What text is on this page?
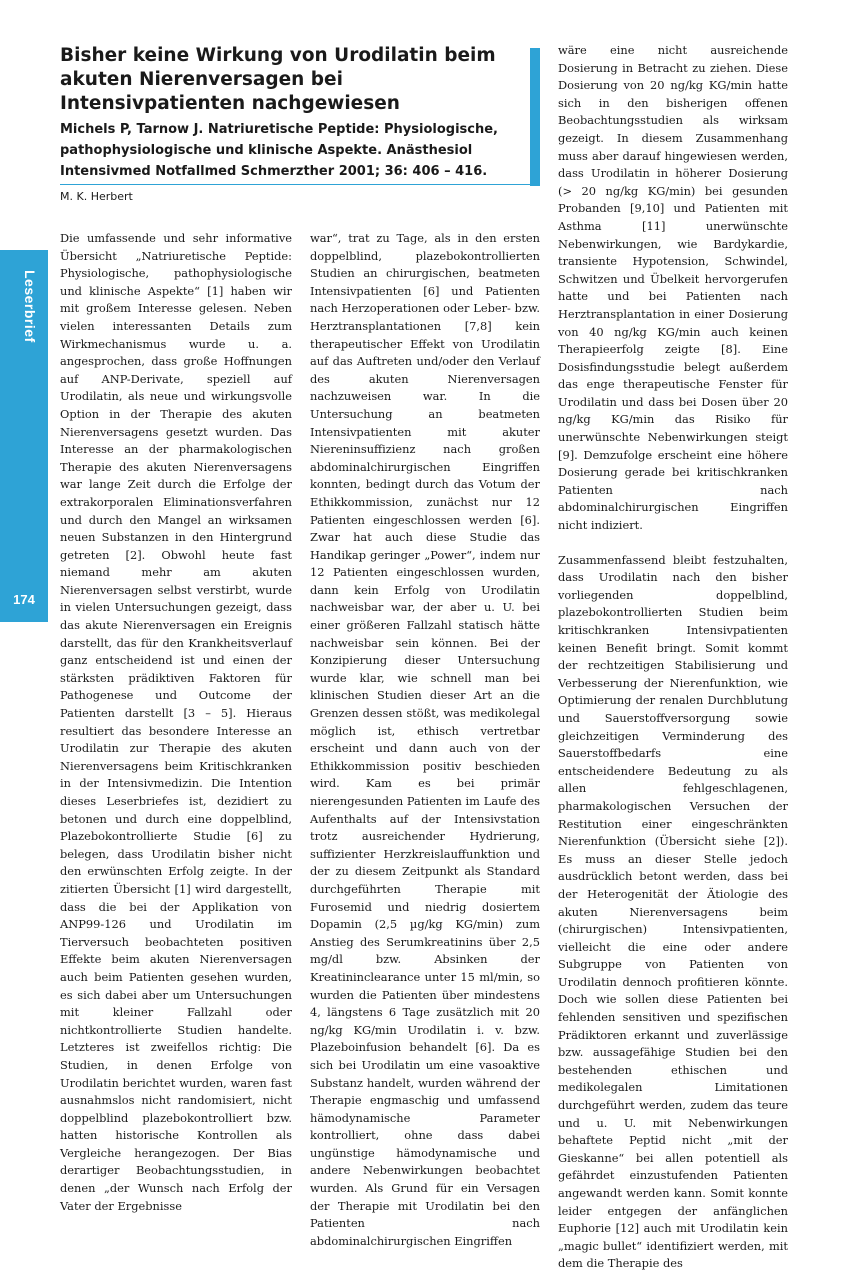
Leserbrief
174
Bisher keine Wirkung von Urodilatin beim akuten Nierenversagen bei Intensivpatienten nachgewiesen

Michels P, Tarnow J. Natriuretische Peptide: Physiologische, pathophysiologische und klinische Aspekte. Anästhesiol Intensivmed Notfallmed Schmerzther 2001; 36: 406 – 416.

M. K. Herbert

Die umfassende und sehr informative Übersicht „Natriuretische Peptide: Physiologische, pathophysiologische und klinische Aspekte“ [1] haben wir mit großem Interesse gelesen. Neben vielen interessanten Details zum Wirkmechanismus wurde u. a. angesprochen, dass große Hoffnungen auf ANP-Derivate, speziell auf Urodilatin, als neue und wirkungsvolle Option in der Therapie des akuten Nierenversagens gesetzt wurden. Das Interesse an der pharmakologischen Therapie des akuten Nierenversagens war lange Zeit durch die Erfolge der extrakorporalen Eliminationsverfahren und durch den Mangel an wirksamen neuen Substanzen in den Hintergrund getreten [2]. Obwohl heute fast niemand mehr am akuten Nierenversagen selbst verstirbt, wurde in vielen Untersuchungen gezeigt, dass das akute Nierenversagen ein Ereignis darstellt, das für den Krankheitsverlauf ganz entscheidend ist und einen der stärksten prädiktiven Faktoren für Pathogenese und Outcome der Patienten darstellt [3 – 5]. Hieraus resultiert das besondere Interesse an Urodilatin zur Therapie des akuten Nierenversagens beim Kritischkranken in der Intensivmedizin. Die Intention dieses Leserbriefes ist, dezidiert zu betonen und durch eine doppelblind, Plazebokontrollierte Studie [6] zu belegen, dass Urodilatin bisher nicht den erwünschten Erfolg zeigte. In der zitierten Übersicht [1] wird dargestellt, dass die bei der Applikation von ANP99-126 und Urodilatin im Tierversuch beobachteten positiven Effekte beim akuten Nierenversagen auch beim Patienten gesehen wurden, es sich dabei aber um Untersuchungen mit kleiner Fallzahl oder nichtkontrollierte Studien handelte. Letzteres ist zweifellos richtig: Die Studien, in denen Erfolge von Urodilatin berichtet wurden, waren fast ausnahmslos nicht randomisiert, nicht doppelblind plazebokontrolliert bzw. hatten historische Kontrollen als Vergleiche herangezogen. Der Bias derartiger Beobachtungsstudien, in denen „der Wunsch nach Erfolg der Vater der Ergebnisse

war“, trat zu Tage, als in den ersten doppelblind, plazebokontrollierten Studien an chirurgischen, beatmeten Intensivpatienten [6] und Patienten nach Herzoperationen oder Leber- bzw. Herztransplantationen [7,8] kein therapeutischer Effekt von Urodilatin auf das Auftreten und/oder den Verlauf des akuten Nierenversagen nachzuweisen war. In die Untersuchung an beatmeten Intensivpatienten mit akuter Niereninsuffizienz nach großen abdominalchirurgischen Eingriffen konnten, bedingt durch das Votum der Ethikkommission, zunächst nur 12 Patienten eingeschlossen werden [6]. Zwar hat auch diese Studie das Handikap geringer „Power“, indem nur 12 Patienten eingeschlossen wurden, dann kein Erfolg von Urodilatin nachweisbar war, der aber u. U. bei einer größeren Fallzahl statisch hätte nachweisbar sein können. Bei der Konzipierung dieser Untersuchung wurde klar, wie schnell man bei klinischen Studien dieser Art an die Grenzen dessen stößt, was medikolegal möglich ist, ethisch vertretbar erscheint und dann auch von der Ethikkommission positiv beschieden wird. Kam es bei primär nierengesunden Patienten im Laufe des Aufenthalts auf der Intensivstation trotz ausreichender Hydrierung, suffizienter Herzkreislauffunktion und der zu diesem Zeitpunkt als Standard durchgeführten Therapie mit Furosemid und niedrig dosiertem Dopamin (2,5 µg/kg KG/min) zum Anstieg des Serumkreatinins über 2,5 mg/dl bzw. Absinken der Kreatininclearance unter 15 ml/min, so wurden die Patienten über mindestens 4, längstens 6 Tage zusätzlich mit 20 ng/kg KG/min Urodilatin i. v. bzw. Plazeboinfusion behandelt [6]. Da es sich bei Urodilatin um eine vasoaktive Substanz handelt, wurden während der Therapie engmaschig und umfassend hämodynamische Parameter kontrolliert, ohne dass dabei ungünstige hämodynamische und andere Nebenwirkungen beobachtet wurden. Als Grund für ein Versagen der Therapie mit Urodilatin bei den Patienten nach abdominalchirurgischen Eingriffen

wäre eine nicht ausreichende Dosierung in Betracht zu ziehen. Diese Dosierung von 20 ng/kg KG/min hatte sich in den bisherigen offenen Beobachtungsstudien als wirksam gezeigt. In diesem Zusammenhang muss aber darauf hingewiesen werden, dass Urodilatin in höherer Dosierung (> 20 ng/kg KG/min) bei gesunden Probanden [9,10] und Patienten mit Asthma [11] unerwünschte Nebenwirkungen, wie Bardykardie, transiente Hypotension, Schwindel, Schwitzen und Übelkeit hervorgerufen hatte und bei Patienten nach Herztransplantation in einer Dosierung von 40 ng/kg KG/min auch keinen Therapieerfolg zeigte [8]. Eine Dosisfindungsstudie belegt außerdem das enge therapeutische Fenster für Urodilatin und dass bei Dosen über 20 ng/kg KG/min das Risiko für unerwünschte Nebenwirkungen steigt [9]. Demzufolge erscheint eine höhere Dosierung gerade bei kritischkranken Patienten nach abdominalchirurgischen Eingriffen nicht indiziert.

Zusammenfassend bleibt festzuhalten, dass Urodilatin nach den bisher vorliegenden doppelblind, plazebokontrollierten Studien beim kritischkranken Intensivpatienten keinen Benefit bringt. Somit kommt der rechtzeitigen Stabilisierung und Verbesserung der Nierenfunktion, wie Optimierung der renalen Durchblutung und Sauerstoffversorgung sowie gleichzeitigen Verminderung des Sauerstoffbedarfs eine entscheidendere Bedeutung zu als allen fehlgeschlagenen, pharmakologischen Versuchen der Restitution einer eingeschränkten Nierenfunktion (Übersicht siehe [2]). Es muss an dieser Stelle jedoch ausdrücklich betont werden, dass bei der Heterogenität der Ätiologie des akuten Nierenversagens beim (chirurgischen) Intensivpatienten, vielleicht die eine oder andere Subgruppe von Patienten von Urodilatin dennoch profitieren könnte. Doch wie sollen diese Patienten bei fehlenden sensitiven und spezifischen Prädiktoren erkannt und zuverlässige bzw. aussagefähige Studien bei den bestehenden ethischen und medikolegalen Limitationen durchgeführt werden, zudem das teure und u. U. mit Nebenwirkungen behaftete Peptid nicht „mit der Gieskanne“ bei allen potentiell als gefährdet einzustufenden Patienten angewandt werden kann. Somit konnte leider entgegen der anfänglichen Euphorie [12] auch mit Urodilatin kein „magic bullet“ identifiziert werden, mit dem die Therapie des
